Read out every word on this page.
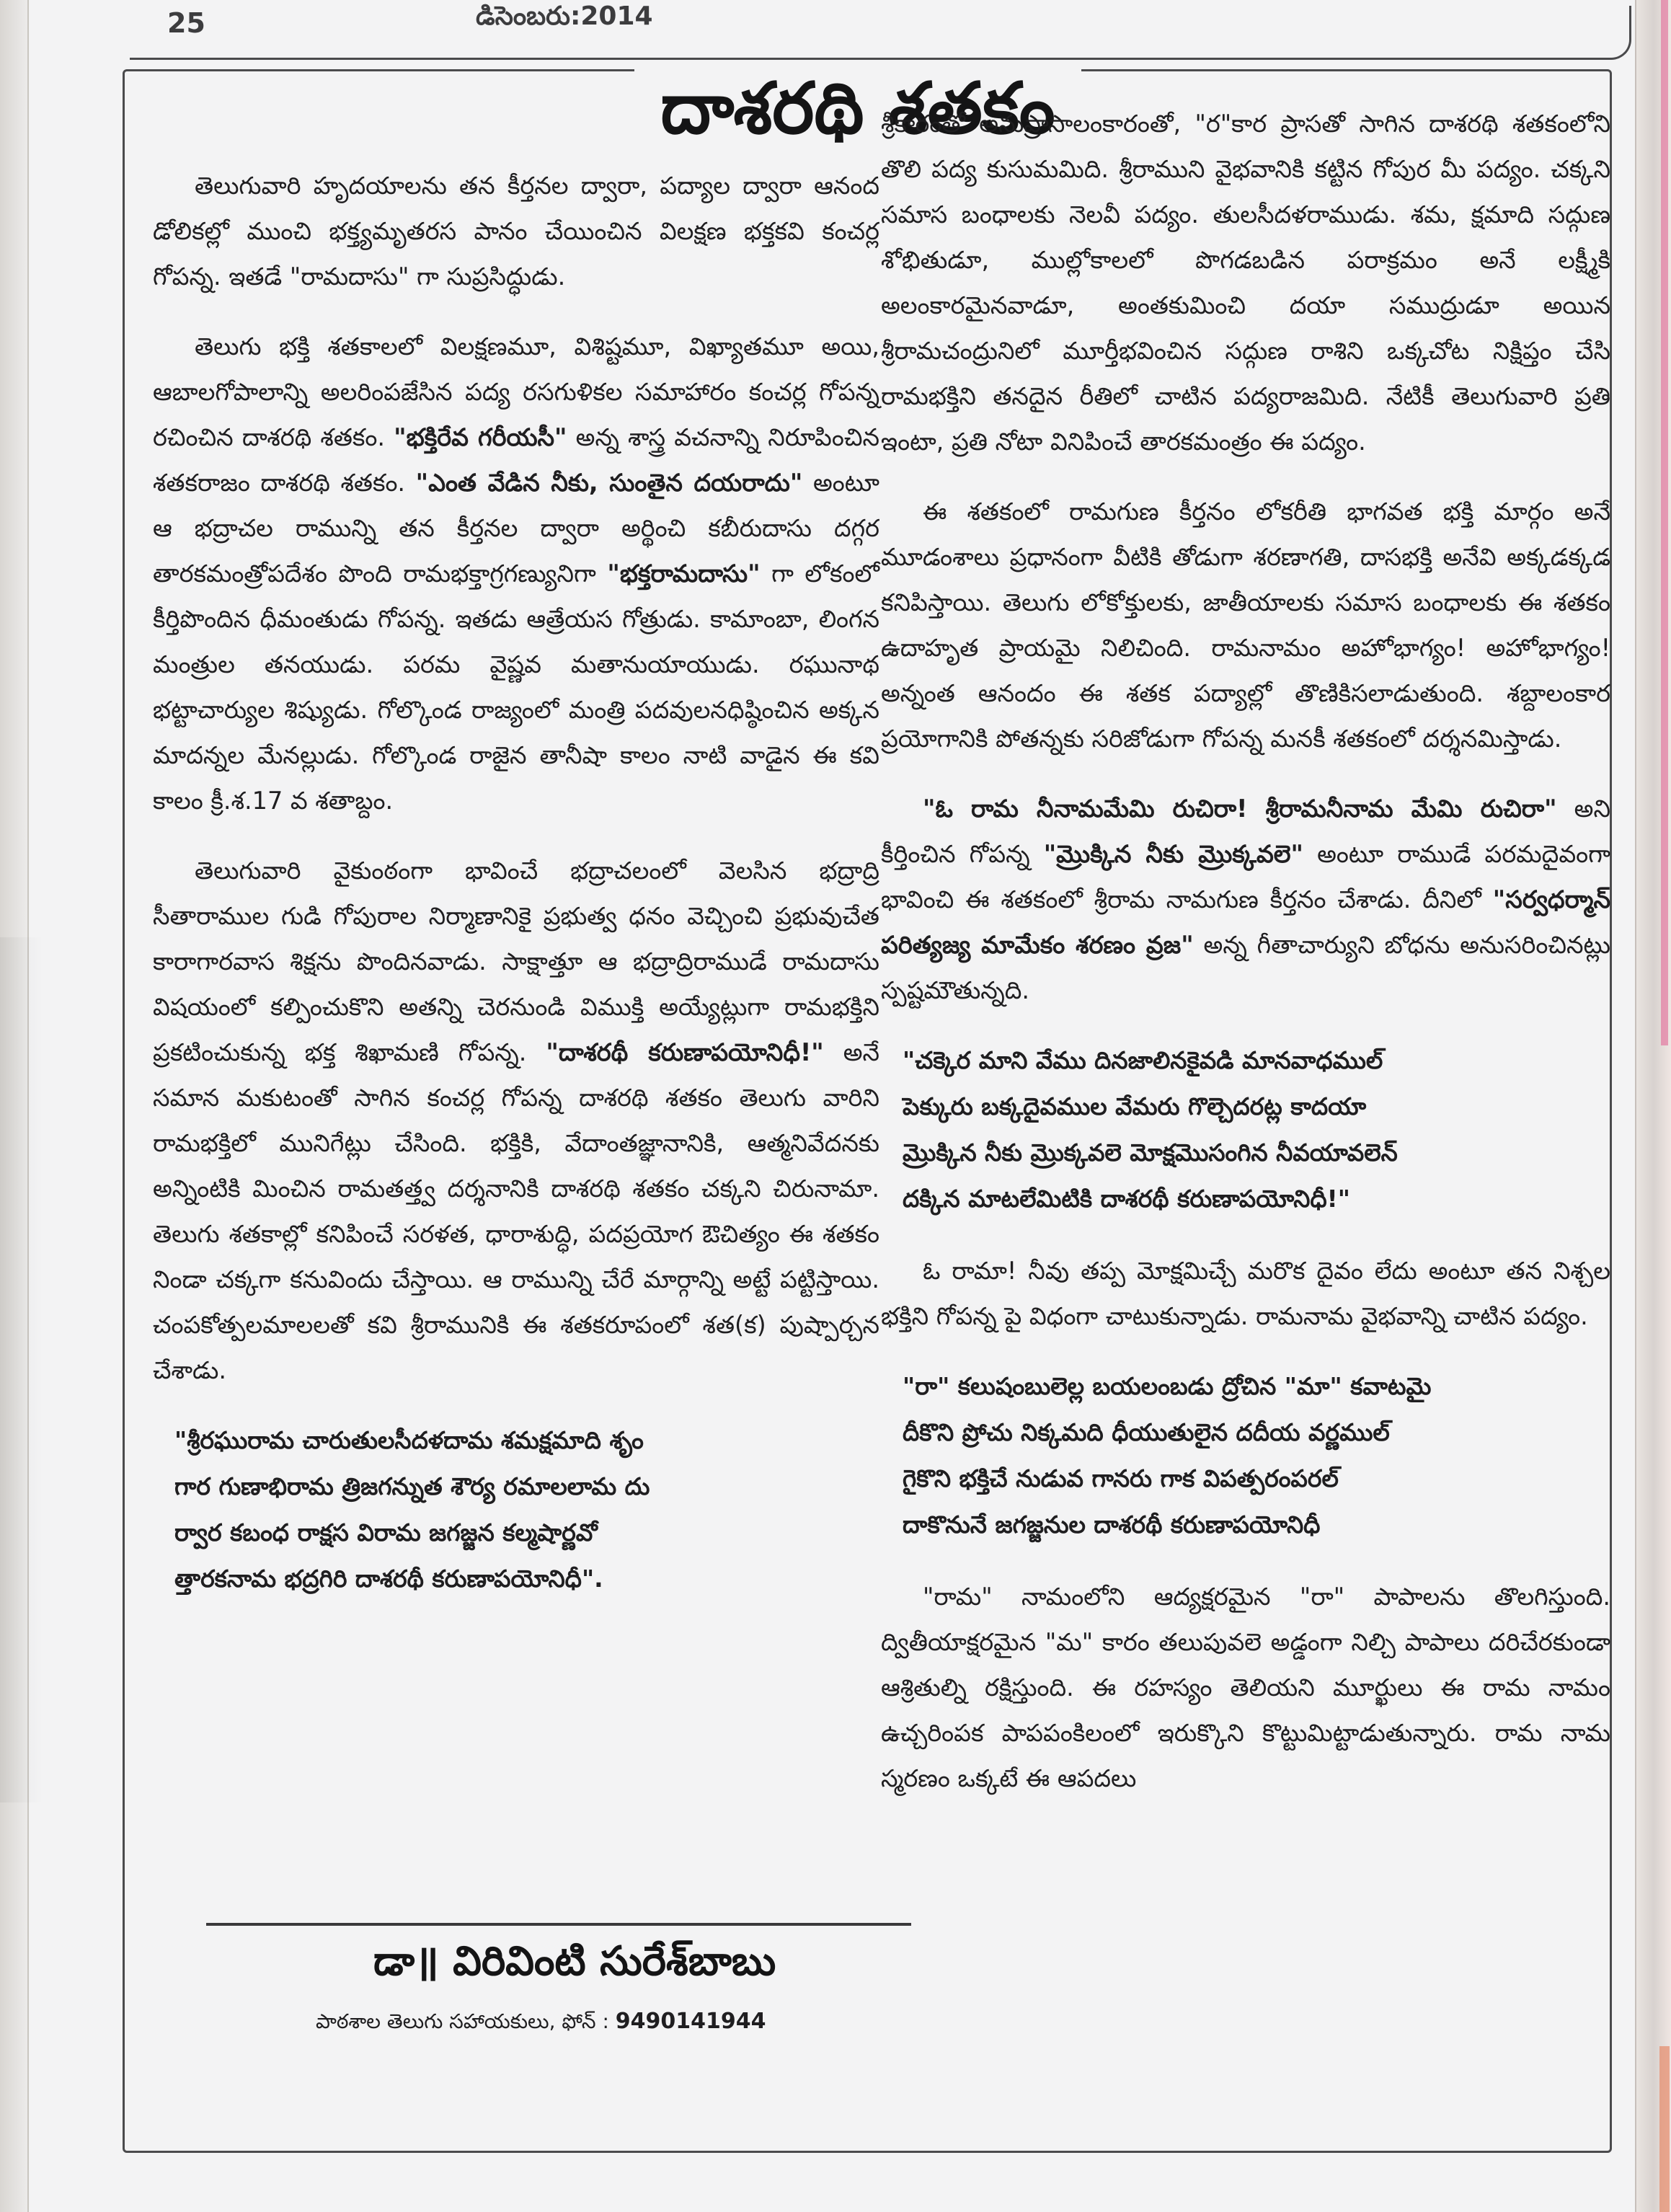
25	డిసెంబరు:2014
దాశరథి శతకం

తెలుగువారి హృదయాలను తన కీర్తనల ద్వారా, పద్యాల ద్వారా ఆనంద డోలికల్లో ముంచి భక్త్యమృతరస పానం చేయించిన విలక్షణ భక్తకవి కంచర్ల గోపన్న. ఇతడే "రామదాసు" గా సుప్రసిద్ధుడు.

తెలుగు భక్తి శతకాలలో విలక్షణమూ, విశిష్టమూ, విఖ్యాతమూ అయి, ఆబాలగోపాలాన్ని అలరింపజేసిన పద్య రసగుళికల సమాహారం కంచర్ల గోపన్న రచించిన దాశరథి శతకం. "భక్తిరేవ గరీయసీ" అన్న శాస్త్ర వచనాన్ని నిరూపించిన శతకరాజం దాశరథి శతకం. "ఎంత వేడిన నీకు, సుంతైన దయరాదు" అంటూ ఆ భద్రాచల రామున్ని తన కీర్తనల ద్వారా అర్థించి కబీరుదాసు దగ్గర తారకమంత్రోపదేశం పొంది రామభక్తాగ్రగణ్యునిగా "భక్తరామదాసు" గా లోకంలో కీర్తిపొందిన ధీమంతుడు గోపన్న. ఇతడు ఆత్రేయస గోత్రుడు. కామాంబా, లింగన మంత్రుల తనయుడు. పరమ వైష్ణవ మతానుయాయుడు. రఘునాథ భట్టాచార్యుల శిష్యుడు. గోల్కొండ రాజ్యంలో మంత్రి పదవులనధిష్ఠించిన అక్కన మాదన్నల మేనల్లుడు. గోల్కొండ రాజైన తానీషా కాలం నాటి వాడైన ఈ కవి కాలం క్రీ.శ.17 వ శతాబ్దం.

తెలుగువారి వైకుంఠంగా భావించే భద్రాచలంలో వెలసిన భద్రాద్రి సీతారాముల గుడి గోపురాల నిర్మాణానికై ప్రభుత్వ ధనం వెచ్చించి ప్రభువుచేత కారాగారవాస శిక్షను పొందినవాడు. సాక్షాత్తూ ఆ భద్రాద్రిరాముడే రామదాసు విషయంలో కల్పించుకొని అతన్ని చెరనుండి విముక్తి అయ్యేట్లుగా రామభక్తిని ప్రకటించుకున్న భక్త శిఖామణి గోపన్న. "దాశరథీ కరుణాపయోనిధీ!" అనే సమాన మకుటంతో సాగిన కంచర్ల గోపన్న దాశరథి శతకం తెలుగు వారిని రామభక్తిలో మునిగేట్లు చేసింది. భక్తికి, వేదాంతజ్ఞానానికి, ఆత్మనివేదనకు అన్నింటికి మించిన రామతత్త్వ దర్శనానికి దాశరథి శతకం చక్కని చిరునామా. తెలుగు శతకాల్లో కనిపించే సరళత, ధారాశుద్ధి, పదప్రయోగ ఔచిత్యం ఈ శతకం నిండా చక్కగా కనువిందు చేస్తాయి. ఆ రామున్ని చేరే మార్గాన్ని అట్టే పట్టిస్తాయి. చంపకోత్పలమాలలతో కవి శ్రీరామునికి ఈ శతకరూపంలో శత(క) పుష్పార్చన చేశాడు.

"శ్రీరఘురామ చారుతులసీదళదామ శమక్షమాది శృం
గార గుణాభిరామ త్రిజగన్నుత శౌర్య రమాలలామ దు
ర్వార కబంధ రాక్షస విరామ జగజ్జన కల్మషార్ణవో
త్తారకనామ భద్రగిరి దాశరథీ కరుణాపయోనిధీ".

శ్రీకారంతో అనుప్రాసాలంకారంతో, "ర"కార ప్రాసతో సాగిన దాశరథి శతకంలోని తొలి పద్య కుసుమమిది. శ్రీరాముని వైభవానికి కట్టిన గోపుర మీ పద్యం. చక్కని సమాస బంధాలకు నెలవీ పద్యం. తులసీదళరాముడు. శమ, క్షమాది సద్గుణ శోభితుడూ, ముల్లోకాలలో పొగడబడిన పరాక్రమం అనే లక్ష్మీకి అలంకారమైనవాడూ, అంతకుమించి దయా సముద్రుడూ అయిన శ్రీరామచంద్రునిలో మూర్తీభవించిన సద్గుణ రాశిని ఒక్కచోట నిక్షిప్తం చేసి రామభక్తిని తనదైన రీతిలో చాటిన పద్యరాజమిది. నేటికీ తెలుగువారి ప్రతి ఇంటా, ప్రతి నోటా వినిపించే తారకమంత్రం ఈ పద్యం.

ఈ శతకంలో రామగుణ కీర్తనం లోకరీతి భాగవత భక్తి మార్గం అనే మూడంశాలు ప్రధానంగా వీటికి తోడుగా శరణాగతి, దాసభక్తి అనేవి అక్కడక్కడ కనిపిస్తాయి. తెలుగు లోకోక్తులకు, జాతీయాలకు సమాస బంధాలకు ఈ శతకం ఉదాహృత ప్రాయమై నిలిచింది. రామనామం అహోభాగ్యం! అహోభాగ్యం! అన్నంత ఆనందం ఈ శతక పద్యాల్లో తొణికిసలాడుతుంది. శబ్దాలంకార ప్రయోగానికి పోతన్నకు సరిజోడుగా గోపన్న మనకీ శతకంలో దర్శనమిస్తాడు.

"ఓ రామ నీనామమేమి రుచిరా! శ్రీరామనీనామ మేమి రుచిరా" అని కీర్తించిన గోపన్న "మ్రొక్కిన నీకు మ్రొక్కవలె" అంటూ రాముడే పరమదైవంగా భావించి ఈ శతకంలో శ్రీరామ నామగుణ కీర్తనం చేశాడు. దీనిలో "సర్వధర్మాన్ పరిత్యజ్య మామేకం శరణం వ్రజ" అన్న గీతాచార్యుని బోధను అనుసరించినట్లు స్పష్టమౌతున్నది.

"చక్కెర మాని వేము దినజాలినకైవడి మానవాధముల్
పెక్కురు బక్కదైవముల వేమరు గొల్చెదరట్ల కాదయా
మ్రొక్కిన నీకు మ్రొక్కవలె మోక్షమొసంగిన నీవయావలెన్
దక్కిన మాటలేమిటికి దాశరథీ కరుణాపయోనిధీ!"

ఓ రామా! నీవు తప్ప మోక్షమిచ్చే మరొక దైవం లేదు అంటూ తన నిశ్చల భక్తిని గోపన్న పై విధంగా చాటుకున్నాడు. రామనామ వైభవాన్ని చాటిన పద్యం.

"రా" కలుషంబులెల్ల బయలంబడు ద్రోచిన "మా" కవాటమై
దీకొని ప్రోచు నిక్కమది ధీయుతులైన దదీయ వర్ణముల్
గైకొని భక్తిచే నుడువ గానరు గాక విపత్పరంపరల్
దాకొనునే జగజ్జనుల దాశరథీ కరుణాపయోనిధీ

"రామ" నామంలోని ఆద్యక్షరమైన "రా" పాపాలను తొలగిస్తుంది. ద్వితీయాక్షరమైన "మ" కారం తలుపువలె అడ్డంగా నిల్చి పాపాలు దరిచేరకుండా ఆశ్రితుల్ని రక్షిస్తుంది. ఈ రహస్యం తెలియని మూర్ఖులు ఈ రామ నామం ఉచ్చరింపక పాపపంకిలంలో ఇరుక్కొని కొట్టుమిట్టాడుతున్నారు. రామ నామ స్మరణం ఒక్కటే ఈ ఆపదలు

డా॥ విరివింటి సురేశ్‌బాబు
పాఠశాల తెలుగు సహాయకులు, ఫోన్ : 9490141944
